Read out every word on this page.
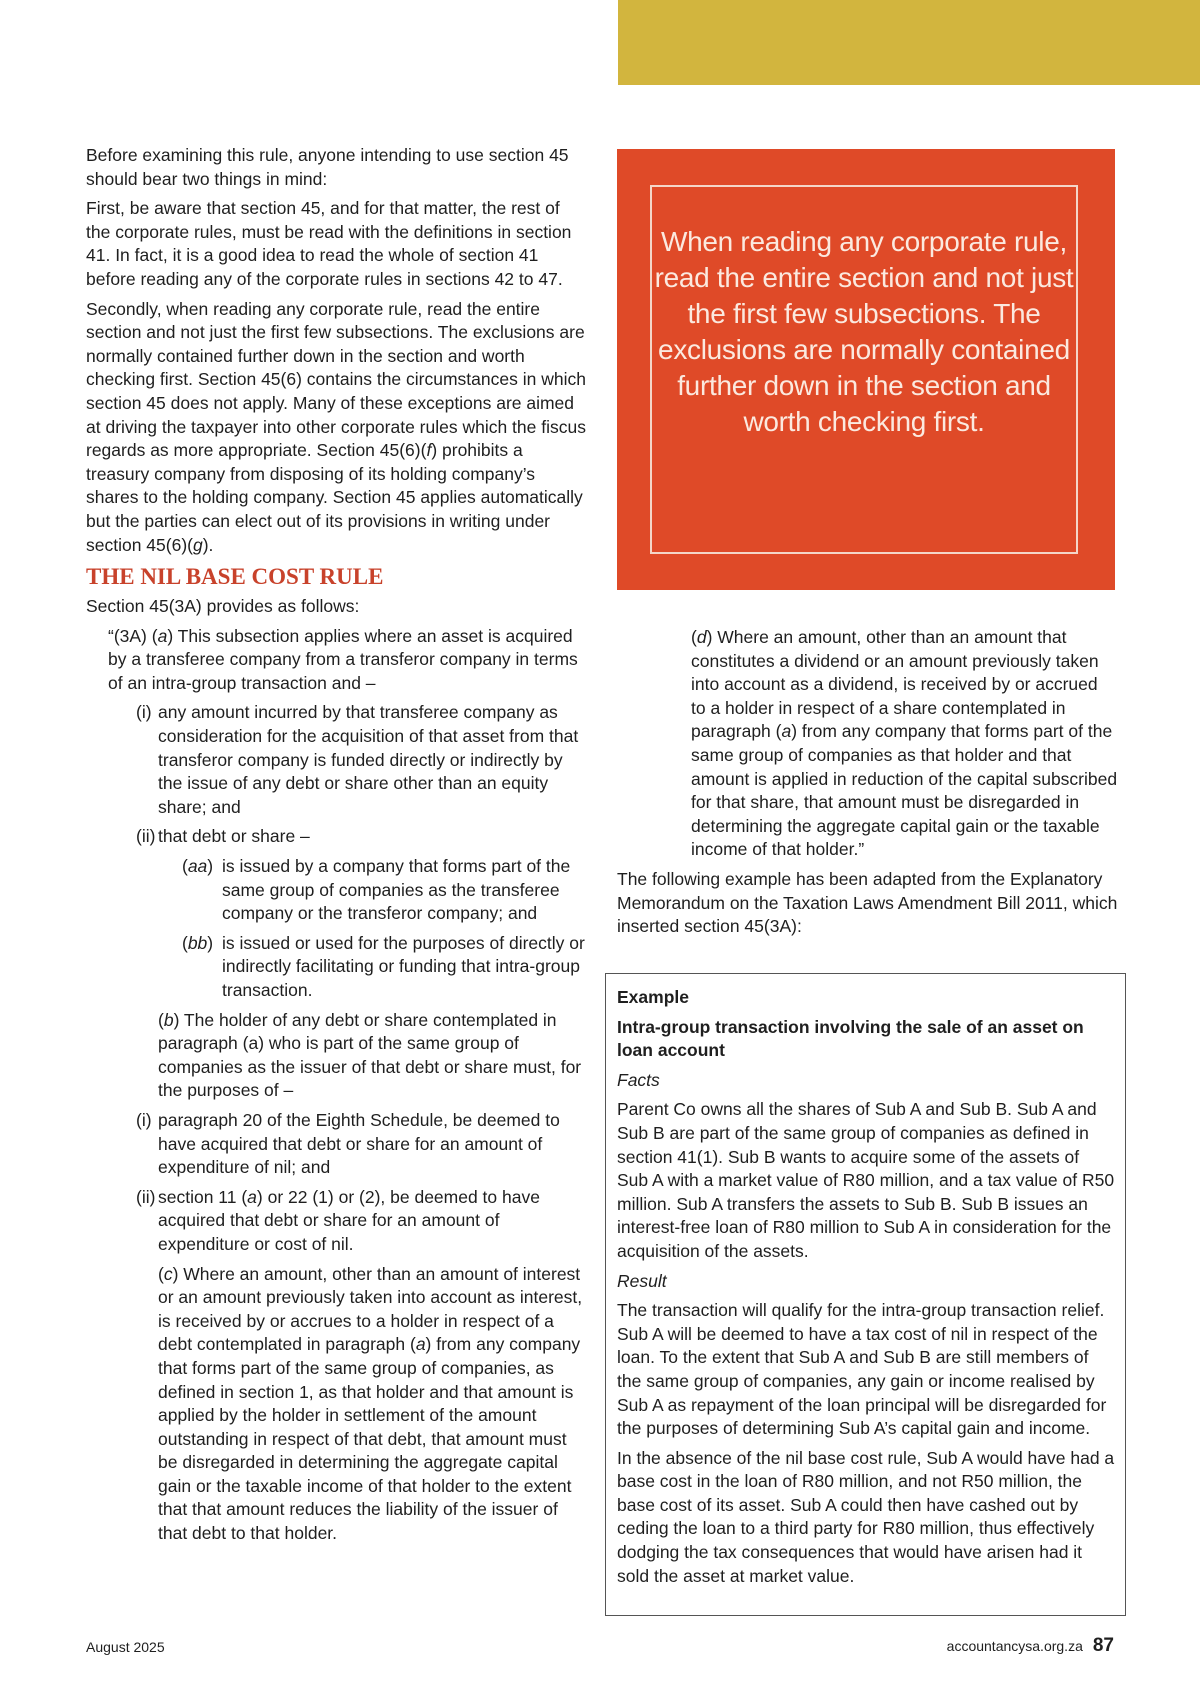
Before examining this rule, anyone intending to use section 45 should bear two things in mind:

First, be aware that section 45, and for that matter, the rest of the corporate rules, must be read with the definitions in section 41. In fact, it is a good idea to read the whole of section 41 before reading any of the corporate rules in sections 42 to 47.

Secondly, when reading any corporate rule, read the entire section and not just the first few subsections. The exclusions are normally contained further down in the section and worth checking first. Section 45(6) contains the circumstances in which section 45 does not apply. Many of these exceptions are aimed at driving the taxpayer into other corporate rules which the fiscus regards as more appropriate. Section 45(6)(f) prohibits a treasury company from disposing of its holding company’s shares to the holding company. Section 45 applies automatically but the parties can elect out of its provisions in writing under section 45(6)(g).

THE NIL BASE COST RULE

Section 45(3A) provides as follows:

“(3A) (a) This subsection applies where an asset is acquired by a transferee company from a transferor company in terms of an intra-group transaction and –

(i) any amount incurred by that transferee company as consideration for the acquisition of that asset from that transferor company is funded directly or indirectly by the issue of any debt or share other than an equity share; and
(ii) that debt or share –
(aa) is issued by a company that forms part of the same group of companies as the transferee company or the transferor company; and
(bb) is issued or used for the purposes of directly or indirectly facilitating or funding that intra-group transaction.
(b) The holder of any debt or share contemplated in paragraph (a) who is part of the same group of companies as the issuer of that debt or share must, for the purposes of –
(i) paragraph 20 of the Eighth Schedule, be deemed to have acquired that debt or share for an amount of expenditure of nil; and
(ii) section 11 (a) or 22 (1) or (2), be deemed to have acquired that debt or share for an amount of expenditure or cost of nil.
(c) Where an amount, other than an amount of interest or an amount previously taken into account as interest, is received by or accrues to a holder in respect of a debt contemplated in paragraph (a) from any company that forms part of the same group of companies, as defined in section 1, as that holder and that amount is applied by the holder in settlement of the amount outstanding in respect of that debt, that amount must be disregarded in determining the aggregate capital gain or the taxable income of that holder to the extent that that amount reduces the liability of the issuer of that debt to that holder.
When reading any corporate rule, read the entire section and not just the first few subsections. The exclusions are normally contained further down in the section and worth checking first.
(d) Where an amount, other than an amount that constitutes a dividend or an amount previously taken into account as a dividend, is received by or accrued
to a holder in respect of a share contemplated in paragraph (a) from any company that forms part of the same group of companies as that holder and that amount is applied in reduction of the capital subscribed for that share, that amount must be disregarded in determining the aggregate capital gain or the taxable income of that holder.”

The following example has been adapted from the Explanatory Memorandum on the Taxation Laws Amendment Bill 2011, which inserted section 45(3A):

Example

Intra-group transaction involving the sale of an asset on loan account

Facts

Parent Co owns all the shares of Sub A and Sub B. Sub A and Sub B are part of the same group of companies as defined in section 41(1). Sub B wants to acquire some of the assets of Sub A with a market value of R80 million, and a tax value of R50 million. Sub A transfers the assets to Sub B. Sub B issues an interest-free loan of R80 million to Sub A in consideration for the acquisition of the assets.

Result

The transaction will qualify for the intra-group transaction relief. Sub A will be deemed to have a tax cost of nil in respect of the loan. To the extent that Sub A and Sub B are still members of the same group of companies, any gain or income realised by Sub A as repayment of the loan principal will be disregarded for the purposes of determining Sub A’s capital gain and income.

In the absence of the nil base cost rule, Sub A would have had a base cost in the loan of R80 million, and not R50 million, the base cost of its asset. Sub A could then have cashed out by ceding the loan to a third party for R80 million, thus effectively dodging the tax consequences that would have arisen had it sold the asset at market value.

August 2025	accountancysa.org.za 87
